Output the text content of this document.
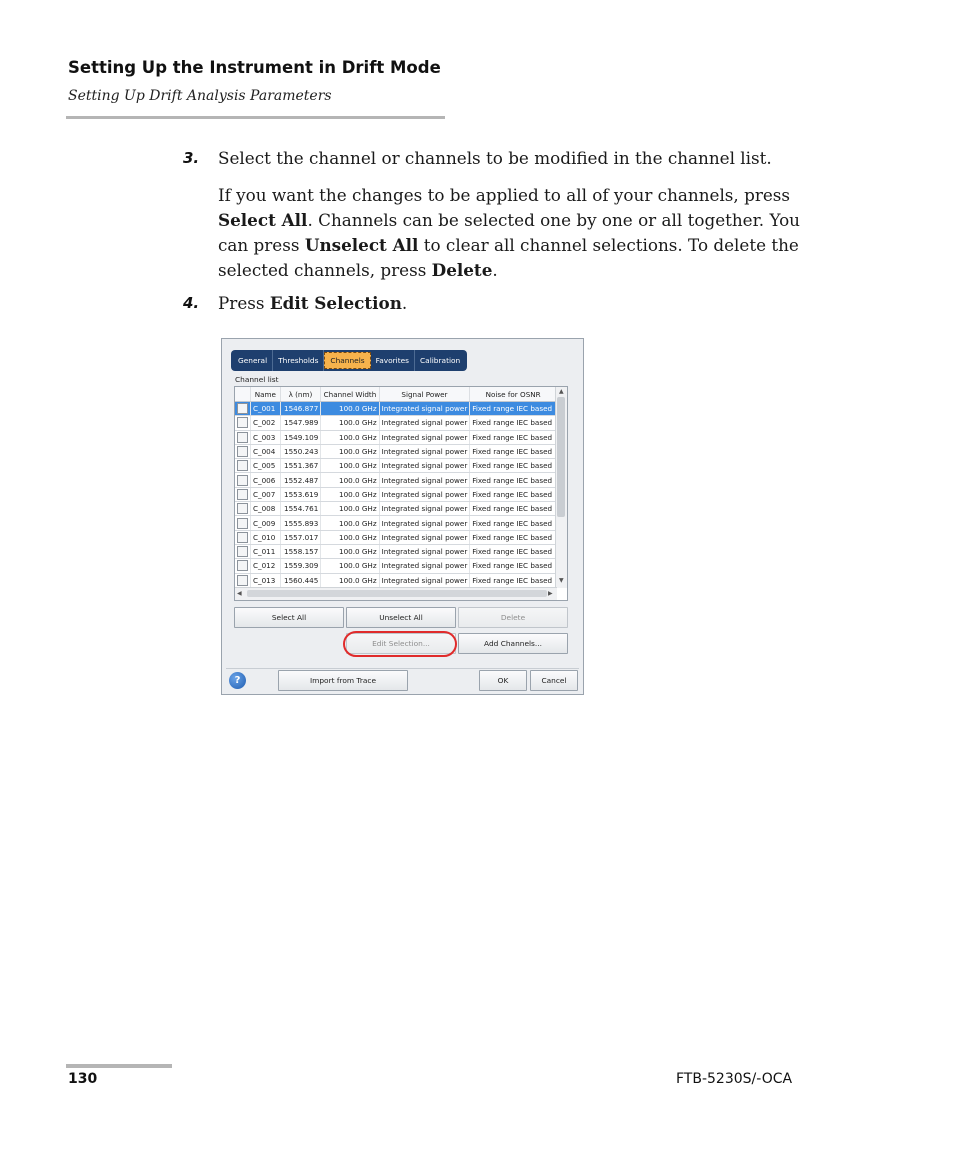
Setting Up the Instrument in Drift Mode
Setting Up Drift Analysis Parameters
3. Select the channel or channels to be modified in the channel list.
If you want the changes to be applied to all of your channels, press Select All. Channels can be selected one by one or all together. You can press Unselect All to clear all channel selections. To delete the selected channels, press Delete.
4. Press Edit Selection.
General	Thresholds	Channels	Favorites	Calibration
Channel list
	Name	λ (nm)	Channel Width	Signal Power	Noise for OSNR

	C_001	1546.877	100.0 GHz	Integrated signal power	Fixed range IEC based

	C_002	1547.989	100.0 GHz	Integrated signal power	Fixed range IEC based

	C_003	1549.109	100.0 GHz	Integrated signal power	Fixed range IEC based

	C_004	1550.243	100.0 GHz	Integrated signal power	Fixed range IEC based

	C_005	1551.367	100.0 GHz	Integrated signal power	Fixed range IEC based

	C_006	1552.487	100.0 GHz	Integrated signal power	Fixed range IEC based

	C_007	1553.619	100.0 GHz	Integrated signal power	Fixed range IEC based

	C_008	1554.761	100.0 GHz	Integrated signal power	Fixed range IEC based

	C_009	1555.893	100.0 GHz	Integrated signal power	Fixed range IEC based

	C_010	1557.017	100.0 GHz	Integrated signal power	Fixed range IEC based

	C_011	1558.157	100.0 GHz	Integrated signal power	Fixed range IEC based

	C_012	1559.309	100.0 GHz	Integrated signal power	Fixed range IEC based

	C_013	1560.445	100.0 GHz	Integrated signal power	Fixed range IEC based
▲
▼
◀	▶
Select All	Unselect All	Delete
Edit Selection...	Add Channels...
?	Import from Trace	OK	Cancel
130	FTB-5230S/-OCA
